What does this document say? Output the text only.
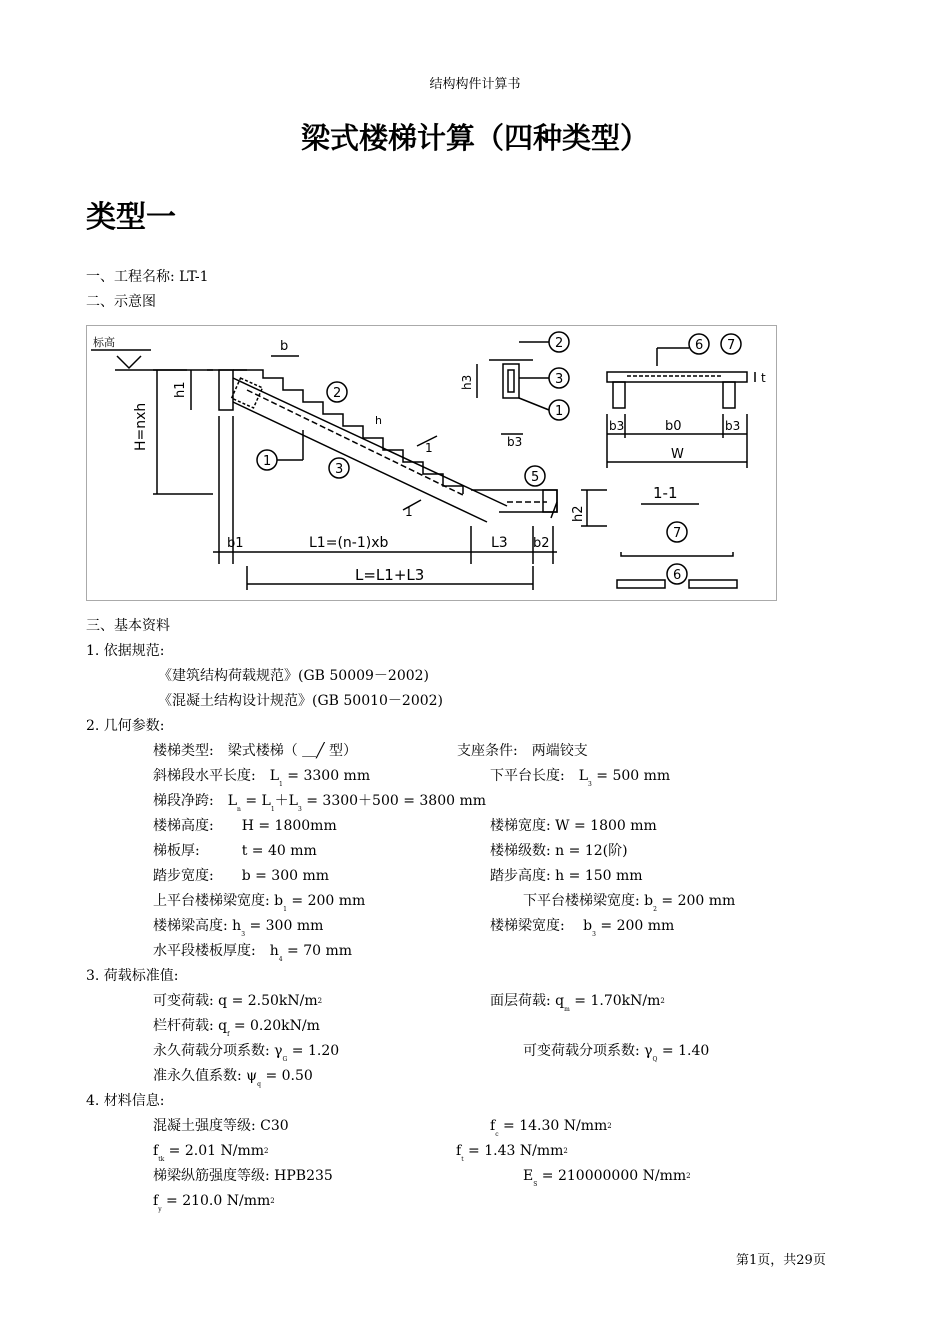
结构构件计算书
梁式楼梯计算（四种类型）
类型一
一、工程名称: LT-1
二、示意图
标高
H=nxh
h1
b
2
1
3
h
1
1
5
h2
b1	L1=(n-1)xb	L3 b2
L=L1+L3
h3
2
3
1
b3
6 7
t
b3	b0	b3
W
1-1
7
6
三、基本资料
1. 依据规范:
《建筑结构荷载规范》(GB 50009－2002)
《混凝土结构设计规范》(GB 50010－2002)
2. 几何参数:
楼梯类型:　梁式楼梯（ ＿╱ 型）	支座条件:　两端铰支
斜梯段水平长度:　$L_1 = 3300$ mm	下平台长度:　$L_3 = 500$ mm
梯段净跨:　$L_n = L_1+L_3 = 3300+500 = 3800$ mm
楼梯高度:　　H = 1800mm	楼梯宽度: W = 1800 mm
梯板厚:　　　t = 40 mm	楼梯级数: n = 12(阶)
踏步宽度:　　b = 300 mm	踏步高度: h = 150 mm
上平台楼梯梁宽度: $b_1 = 200$ mm	下平台楼梯梁宽度: $b_2 = 200$ mm
楼梯梁高度: $h_3 = 300$ mm	楼梯梁宽度:　 $b_3 = 200$ mm
水平段楼板厚度:　$h_4 = 70$ mm
3. 荷载标准值:
可变荷载: $q = 2.50kN/m^2$	面层荷载: $q_m = 1.70kN/m^2$
栏杆荷载: $q_f = 0.20kN/m$
永久荷载分项系数: $\gamma_G = 1.20$	可变荷载分项系数: $\gamma_Q = 1.40$
准永久值系数: $\psi_q = 0.50$
4. 材料信息:
混凝土强度等级: C30	$f_c = 14.30$ $N/mm^2$
$f_{tk} = 2.01$ $N/mm^2$	$f_t = 1.43$ $N/mm^2$
梯梁纵筋强度等级: HPB235	$E_S = 210000000$ $N/mm^2$
$f_y = 210.0$ $N/mm^2$
第1页，共29页
